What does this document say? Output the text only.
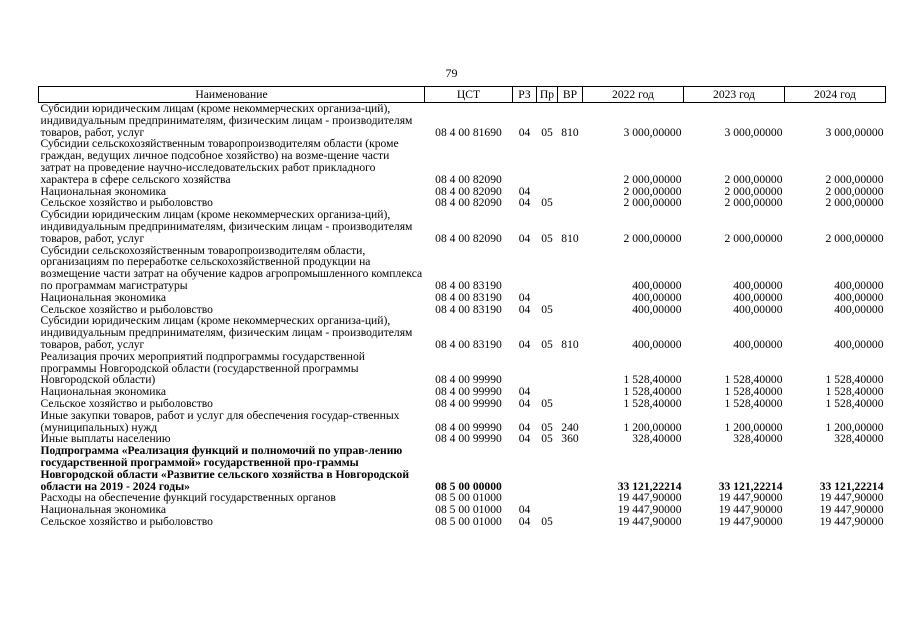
79
Наименование	ЦСТ	РЗ	Пр	ВР	2022 год	2023 год	2024 год
Субсидии юридическим лицам (кроме некоммерческих организа-ций), индивидуальным предпринимателям, физическим лицам - производителям товаров, работ, услуг	08 4 00 81690	04	05	810	3 000,00000	3 000,00000	3 000,00000
Субсидии сельскохозяйственным товаропроизводителям области (кроме граждан, ведущих личное подсобное хозяйство) на возме-щение части затрат на проведение научно-исследовательских работ прикладного характера в сфере сельского хозяйства	08 4 00 82090				2 000,00000	2 000,00000	2 000,00000
Национальная экономика	08 4 00 82090	04			2 000,00000	2 000,00000	2 000,00000
Сельское хозяйство и рыболовство	08 4 00 82090	04	05		2 000,00000	2 000,00000	2 000,00000
Субсидии юридическим лицам (кроме некоммерческих организа-ций), индивидуальным предпринимателям, физическим лицам - производителям товаров, работ, услуг	08 4 00 82090	04	05	810	2 000,00000	2 000,00000	2 000,00000
Субсидии сельскохозяйственным товаропроизводителям области, организациям по переработке сельскохозяйственной продукции на возмещение части затрат на обучение кадров агропромышленного комплекса по программам магистратуры	08 4 00 83190				400,00000	400,00000	400,00000
Национальная экономика	08 4 00 83190	04			400,00000	400,00000	400,00000
Сельское хозяйство и рыболовство	08 4 00 83190	04	05		400,00000	400,00000	400,00000
Субсидии юридическим лицам (кроме некоммерческих организа-ций), индивидуальным предпринимателям, физическим лицам - производителям товаров, работ, услуг	08 4 00 83190	04	05	810	400,00000	400,00000	400,00000
Реализация прочих мероприятий подпрограммы государственной программы Новгородской области (государственной программы Новгородской области)	08 4 00 99990				1 528,40000	1 528,40000	1 528,40000
Национальная экономика	08 4 00 99990	04			1 528,40000	1 528,40000	1 528,40000
Сельское хозяйство и рыболовство	08 4 00 99990	04	05		1 528,40000	1 528,40000	1 528,40000
Иные закупки товаров, работ и услуг для обеспечения государ-ственных (муниципальных) нужд	08 4 00 99990	04	05	240	1 200,00000	1 200,00000	1 200,00000
Иные выплаты населению	08 4 00 99990	04	05	360	328,40000	328,40000	328,40000
Подпрограмма «Реализация функций и полномочий по управ-лению государственной программой» государственной про-граммы Новгородской области «Развитие сельского хозяйства в Новгородской области на 2019 - 2024 годы»	08 5 00 00000				33 121,22214	33 121,22214	33 121,22214
Расходы на обеспечение функций государственных органов	08 5 00 01000				19 447,90000	19 447,90000	19 447,90000
Национальная экономика	08 5 00 01000	04			19 447,90000	19 447,90000	19 447,90000
Сельское хозяйство и рыболовство	08 5 00 01000	04	05		19 447,90000	19 447,90000	19 447,90000
